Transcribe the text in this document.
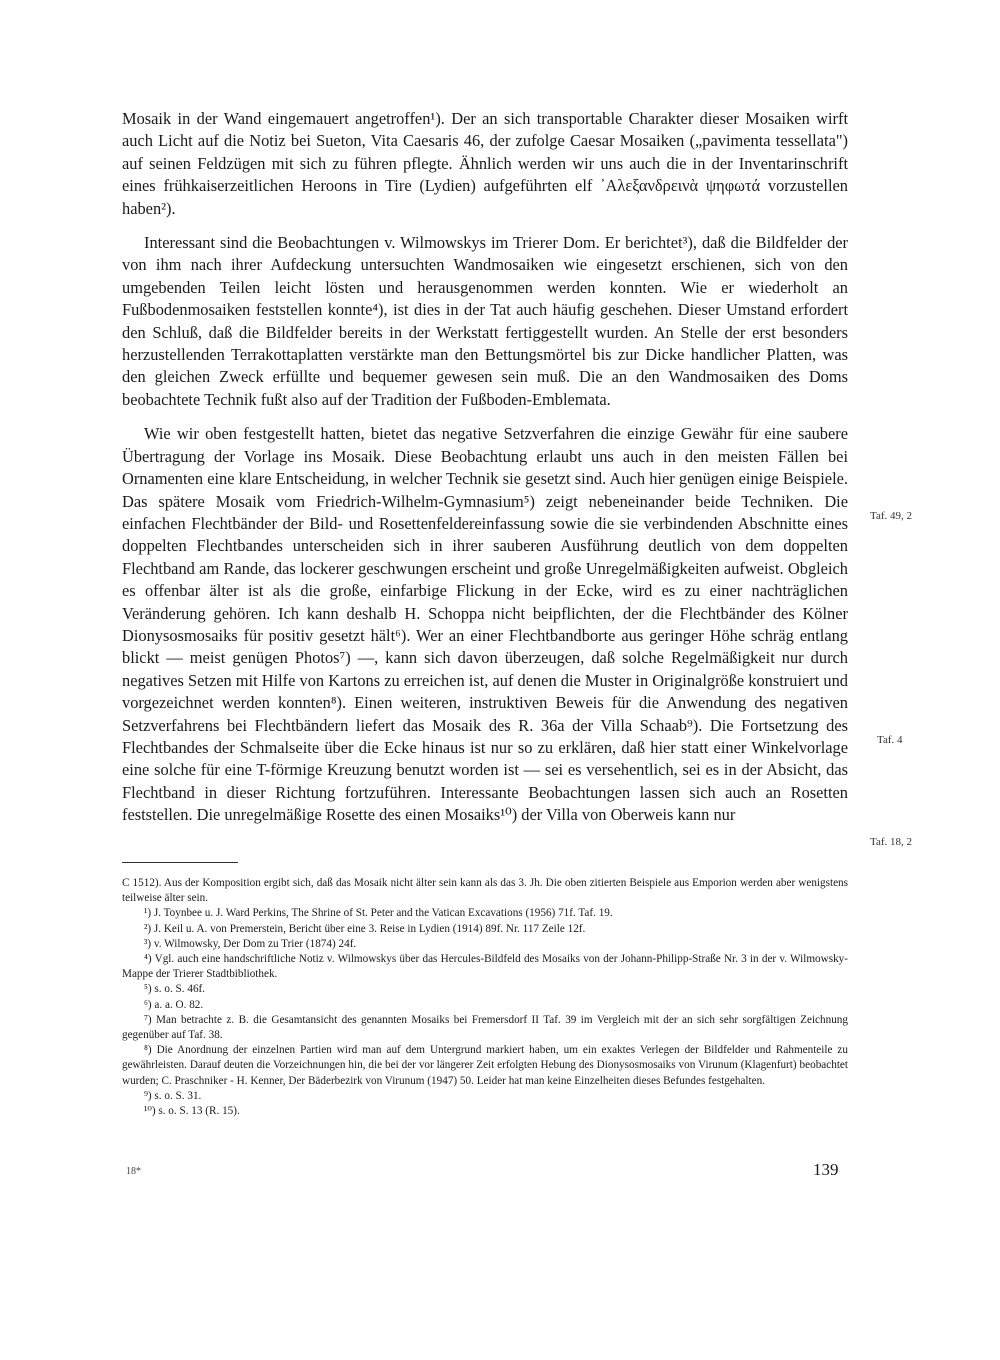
Mosaik in der Wand eingemauert angetroffen¹). Der an sich transportable Charakter dieser Mosaiken wirft auch Licht auf die Notiz bei Sueton, Vita Caesaris 46, der zufolge Caesar Mosaiken („pavimenta tessellata") auf seinen Feldzügen mit sich zu führen pflegte. Ähnlich werden wir uns auch die in der Inventarinschrift eines frühkaiserzeitlichen Heroons in Tire (Lydien) aufgeführten elf ᾿Αλεξανδρεινὰ ψηφωτά vorzustellen haben²).

Interessant sind die Beobachtungen v. Wilmowskys im Trierer Dom. Er berichtet³), daß die Bildfelder der von ihm nach ihrer Aufdeckung untersuchten Wandmosaiken wie eingesetzt erschienen, sich von den umgebenden Teilen leicht lösten und herausgenommen werden konnten. Wie er wiederholt an Fußbodenmosaiken feststellen konnte⁴), ist dies in der Tat auch häufig geschehen. Dieser Umstand erfordert den Schluß, daß die Bildfelder bereits in der Werkstatt fertiggestellt wurden. An Stelle der erst besonders herzustellenden Terrakottaplatten verstärkte man den Bettungsmörtel bis zur Dicke handlicher Platten, was den gleichen Zweck erfüllte und bequemer gewesen sein muß. Die an den Wandmosaiken des Doms beobachtete Technik fußt also auf der Tradition der Fußboden-Emblemata.

Wie wir oben festgestellt hatten, bietet das negative Setzverfahren die einzige Gewähr für eine saubere Übertragung der Vorlage ins Mosaik. Diese Beobachtung erlaubt uns auch in den meisten Fällen bei Ornamenten eine klare Entscheidung, in welcher Technik sie gesetzt sind. Auch hier genügen einige Beispiele. Das spätere Mosaik vom Friedrich-Wilhelm-Gymnasium⁵) zeigt nebeneinander beide Techniken. Die einfachen Flechtbänder der Bild- und Rosettenfeldereinfassung sowie die sie verbindenden Abschnitte eines doppelten Flechtbandes unterscheiden sich in ihrer sauberen Ausführung deutlich von dem doppelten Flechtband am Rande, das lockerer geschwungen erscheint und große Unregelmäßigkeiten aufweist. Obgleich es offenbar älter ist als die große, einfarbige Flickung in der Ecke, wird es zu einer nachträglichen Veränderung gehören. Ich kann deshalb H. Schoppa nicht beipflichten, der die Flechtbänder des Kölner Dionysosmosaiks für positiv gesetzt hält⁶). Wer an einer Flechtbandborte aus geringer Höhe schräg entlang blickt — meist genügen Photos⁷) —, kann sich davon überzeugen, daß solche Regelmäßigkeit nur durch negatives Setzen mit Hilfe von Kartons zu erreichen ist, auf denen die Muster in Originalgröße konstruiert und vorgezeichnet werden konnten⁸). Einen weiteren, instruktiven Beweis für die Anwendung des negativen Setzverfahrens bei Flechtbändern liefert das Mosaik des R. 36a der Villa Schaab⁹). Die Fortsetzung des Flechtbandes der Schmalseite über die Ecke hinaus ist nur so zu erklären, daß hier statt einer Winkelvorlage eine solche für eine T-förmige Kreuzung benutzt worden ist — sei es versehentlich, sei es in der Absicht, das Flechtband in dieser Richtung fortzuführen. Interessante Beobachtungen lassen sich auch an Rosetten feststellen. Die unregelmäßige Rosette des einen Mosaiks¹⁰) der Villa von Oberweis kann nur

Taf. 49, 2
Taf. 4
Taf. 18, 2

C 1512). Aus der Komposition ergibt sich, daß das Mosaik nicht älter sein kann als das 3. Jh. Die oben zitierten Beispiele aus Emporion werden aber wenigstens teilweise älter sein.

¹) J. Toynbee u. J. Ward Perkins, The Shrine of St. Peter and the Vatican Excavations (1956) 71f. Taf. 19.

²) J. Keil u. A. von Premerstein, Bericht über eine 3. Reise in Lydien (1914) 89f. Nr. 117 Zeile 12f.

³) v. Wilmowsky, Der Dom zu Trier (1874) 24f.

⁴) Vgl. auch eine handschriftliche Notiz v. Wilmowskys über das Hercules-Bildfeld des Mosaiks von der Johann-Philipp-Straße Nr. 3 in der v. Wilmowsky-Mappe der Trierer Stadtbibliothek.

⁵) s. o. S. 46f.

⁶) a. a. O. 82.

⁷) Man betrachte z. B. die Gesamtansicht des genannten Mosaiks bei Fremersdorf II Taf. 39 im Vergleich mit der an sich sehr sorgfältigen Zeichnung gegenüber auf Taf. 38.

⁸) Die Anordnung der einzelnen Partien wird man auf dem Untergrund markiert haben, um ein exaktes Verlegen der Bildfelder und Rahmenteile zu gewährleisten. Darauf deuten die Vorzeichnungen hin, die bei der vor längerer Zeit erfolgten Hebung des Dionysosmosaiks von Virunum (Klagenfurt) beobachtet wurden; C. Praschniker - H. Kenner, Der Bäderbezirk von Virunum (1947) 50. Leider hat man keine Einzelheiten dieses Befundes festgehalten.

⁹) s. o. S. 31.

¹⁰) s. o. S. 13 (R. 15).

18*	139
